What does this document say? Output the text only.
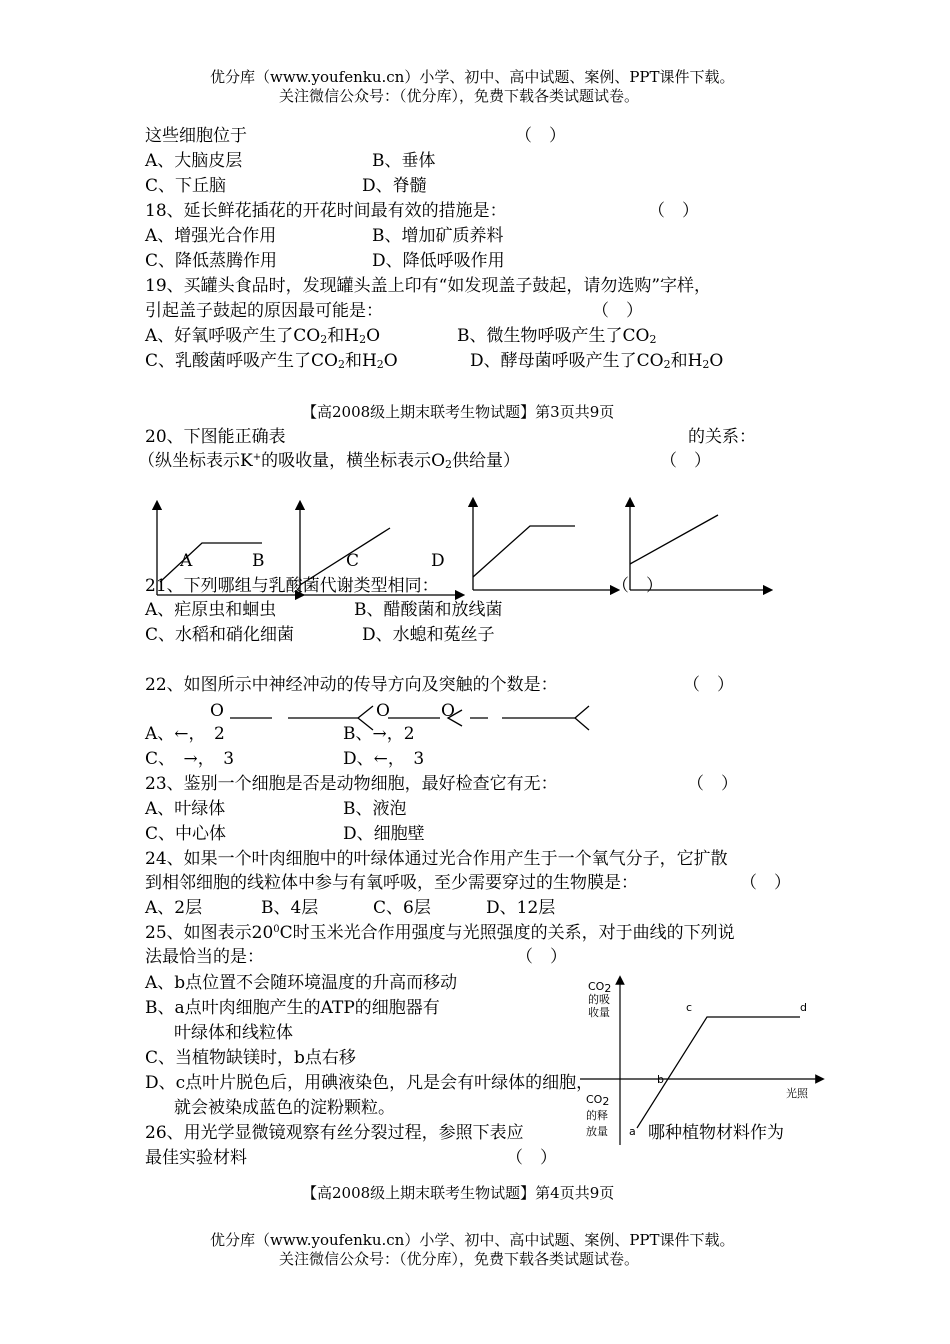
优分库（www.youfenku.cn）小学、初中、高中试题、案例、PPT课件下载。
关注微信公众号：（优分库），免费下载各类试题试卷。
这些细胞位于	（　）
A、大脑皮层	B、垂体
C、下丘脑	D、脊髓
18、延长鲜花插花的开花时间最有效的措施是：	（　）
A、增强光合作用	B、增加矿质养料
C、降低蒸腾作用	D、降低呼吸作用
19、买罐头食品时，发现罐头盖上印有“如发现盖子鼓起，请勿选购”字样，
引起盖子鼓起的原因最可能是：	（　）
A、好氧呼吸产生了$CO_2$和$H_2O$	B、微生物呼吸产生了$CO_2$
C、乳酸菌呼吸产生了$CO_2$和$H_2O$	D、酵母菌呼吸产生了$CO_2$和$H_2O$
【高2008级上期末联考生物试题】第3页共9页
20、下图能正确表	的关系：
（纵坐标表示K+的吸收量，横坐标表示$O_2$供给量）	（　）
A	B	C	D
21、下列哪组与乳酸菌代谢类型相同：	（　）
A、疟原虫和蛔虫	B、醋酸菌和放线菌
C、水稻和硝化细菌	D、水螅和菟丝子
22、如图所示中神经冲动的传导方向及突触的个数是：	（　）
O	O	O
A、←，　2	B、→，2
C、　→，　3	D、←，　3
23、鉴别一个细胞是否是动物细胞，最好检查它有无：	（　）
A、叶绿体	B、液泡
C、中心体	D、细胞壁
24、如果一个叶肉细胞中的叶绿体通过光合作用产生于一个氧气分子，它扩散
到相邻细胞的线粒体中参与有氧呼吸，至少需要穿过的生物膜是：	（　）
A、2层	B、4层	C、6层	D、12层
25、如图表示$20^0C$时玉米光合作用强度与光照强度的关系，对于曲线的下列说
法最恰当的是：	（　）
A、b点位置不会随环境温度的升高而移动
B、a点叶肉细胞产生的ATP的细胞器有
叶绿体和线粒体
C、当植物缺镁时，b点右移
D、c点叶片脱色后，用碘液染色，凡是会有叶绿体的细胞，
就会被染成蓝色的淀粉颗粒。
$CO_2$
的吸
收量
$CO_2$
的释
放量
光照
c	d
b
a
26、用光学显微镜观察有丝分裂过程，参照下表应	哪种植物材料作为
最佳实验材料	（　）
【高2008级上期末联考生物试题】第4页共9页
优分库（www.youfenku.cn）小学、初中、高中试题、案例、PPT课件下载。
关注微信公众号：（优分库），免费下载各类试题试卷。
